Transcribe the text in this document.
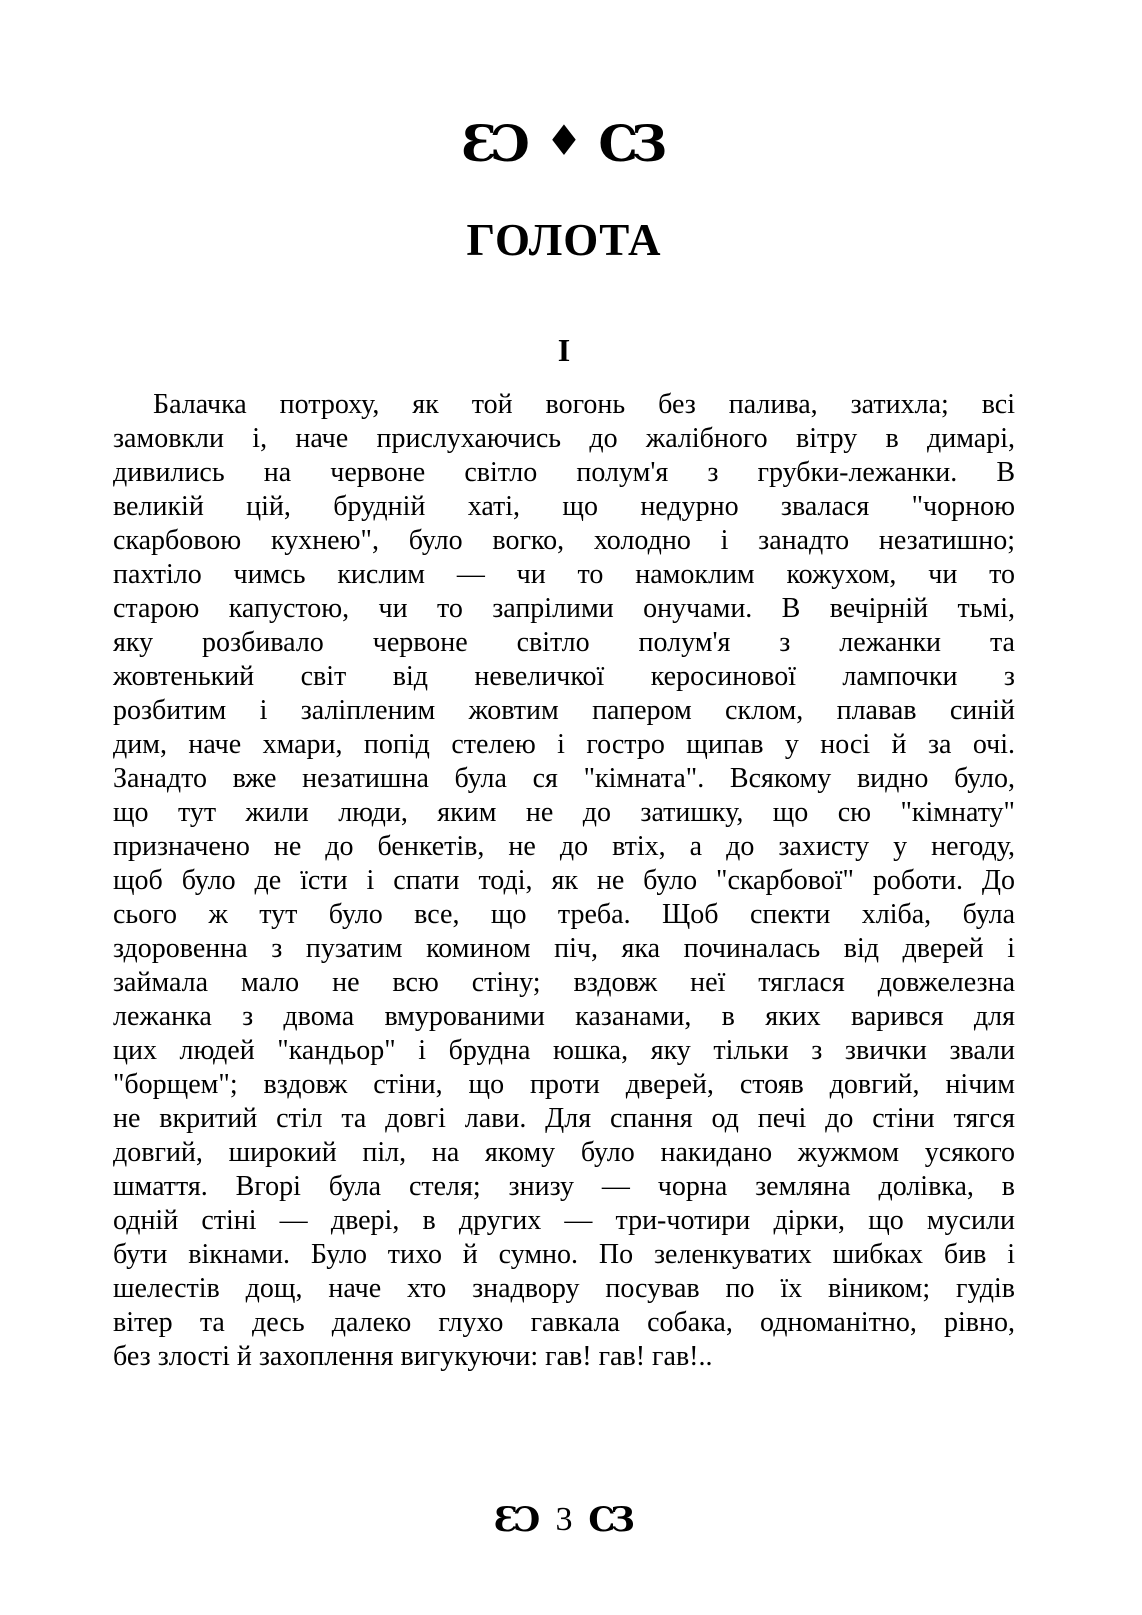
ƐƆ ♦ ƐƆ
ГОЛОТА
I
Балачка потроху, як той вогонь без палива, затихла; всі
замовкли і, наче прислухаючись до жалібного вітру в димарі,
дивились на червоне світло полум'я з грубки-лежанки. В
великій цій, брудній хаті, що недурно звалася "чорною
скарбовою кухнею", було вогко, холодно і занадто незатишно;
пахтіло чимсь кислим — чи то намоклим кожухом, чи то
старою капустою, чи то запрілими онучами. В вечірній тьмі,
яку розбивало червоне світло полум'я з лежанки та
жовтенький світ від невеличкої керосинової лампочки з
розбитим і заліпленим жовтим папером склом, плавав синій
дим, наче хмари, попід стелею і гостро щипав у носі й за очі.
Занадто вже незатишна була ся "кімната". Всякому видно було,
що тут жили люди, яким не до затишку, що сю "кімнату"
призначено не до бенкетів, не до втіх, а до захисту у негоду,
щоб було де їсти і спати тоді, як не було "скарбової" роботи. До
сього ж тут було все, що треба. Щоб спекти хліба, була
здоровенна з пузатим комином піч, яка починалась від дверей і
займала мало не всю стіну; вздовж неї тяглася довжелезна
лежанка з двома вмурованими казанами, в яких варився для
цих людей "кандьор" і брудна юшка, яку тільки з звички звали
"борщем"; вздовж стіни, що проти дверей, стояв довгий, нічим
не вкритий стіл та довгі лави. Для спання од печі до стіни тягся
довгий, широкий піл, на якому було накидано жужмом усякого
шмаття. Вгорі була стеля; знизу — чорна земляна долівка, в
одній стіні — двері, в других — три-чотири дірки, що мусили
бути вікнами. Було тихо й сумно. По зеленкуватих шибках бив і
шелестів дощ, наче хто знадвору посував по їх віником; гудів
вітер та десь далеко глухо гавкала собака, одноманітно, рівно,
без злості й захоплення вигукуючи: гав! гав! гав!..
ƐƆ 3 ƐƆ
